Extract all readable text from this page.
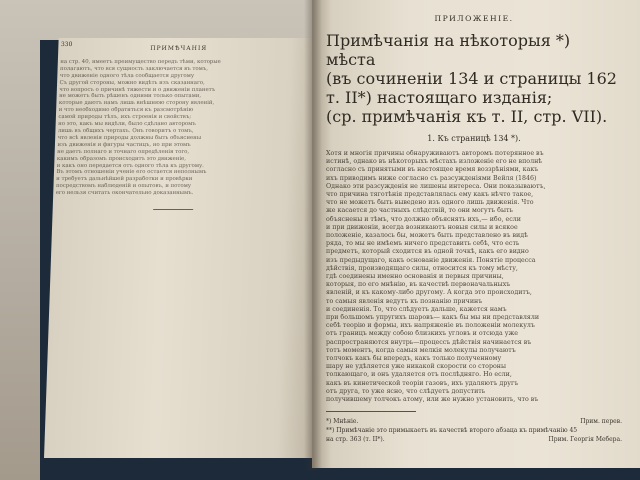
330
ПРИМѢЧАНІЯ
на стр. 40, имеетъ преимущество передъ тѣми, которые
полагаютъ, что вся сущность заключается въ томъ,
что движеніе одного тѣла сообщается другому
Съ другой стороны, можно видѣть изъ сказаннаго,
что вопросъ о причинѣ тяжести и о движеніи планетъ
не можетъ быть рѣшенъ одними только опытами,
которые даютъ намъ лишь внѣшнюю сторону явленій,
и что необходимо обратиться къ разсмотрѣнію
самой природы тѣлъ, ихъ строенія и свойствъ;
но это, какъ мы видѣли, было сдѣлано авторомъ
лишь въ общихъ чертахъ. Онъ говоритъ о томъ,
что всѣ явленія природы должны быть объяснены
изъ движенія и фигуры частицъ, но при этомъ
не даетъ полнаго и точнаго опредѣленія того,
какимъ образомъ происходитъ это движеніе,
и какъ оно передается отъ одного тѣла къ другому.
Въ этомъ отношеніи ученіе его остается неполнымъ
и требуетъ дальнѣйшей разработки и провѣрки
посредствомъ наблюденій и опытовъ, и потому
его нельзя считать окончательно доказаннымъ.
ПРИЛОЖЕНІЕ.
Примѣчанія на нѣкоторыя *) мѣста
(въ сочиненіи 134 и страницы 162 т. II*) настоящаго изданія;
(ср. примѣчанія къ т. II, стр. VII).
1. Къ страницѣ 134 *).
Хотя и многія причины обнаруживаютъ авторомъ потерянное въ
истинѣ, однако въ нѣкоторыхъ мѣстахъ изложеніе его не вполнѣ
согласно съ принятыми въ настоящее время воззрѣніями, какъ
ихъ приводимъ ниже согласно съ разсужденіями Вейля (1846)
Однако эти разсужденія не лишены интереса. Они показываютъ,
что причина тяготѣнія представлялась ему какъ нѣчто такое,
что не можетъ быть выведено изъ одного лишь движенія. Что
же касается до частныхъ слѣдствій, то они могутъ быть
объяснены и тѣмъ, что должно объяснять ихъ,— ибо, если
и при движеніи, всегда возникаютъ новыя силы и всякое
положеніе, казалось бы, можетъ быть представлено въ видѣ
ряда, то мы не имѣемъ ничего представить себѣ, что есть
предметъ, который сходится въ одной точкѣ, какъ его видно
изъ предыдущаго, какъ основаніе движенія. Понятіе процесса
дѣйствія, производящаго силы, относится къ тому мѣсту,
гдѣ соединены именно основанія и первыя причины,
которыя, по его мнѣнію, въ качествѣ первоначальныхъ
явленій, и къ какому-либо другому. А когда это происходитъ,
то самыя явленія ведутъ къ познанію причинъ
и соединенія. То, что слѣдуетъ дальше, кажется намъ
при большомъ упругихъ шаровъ— какъ бы мы ни представляли
себѣ теорію и формы, ихъ напряженіе въ положеніи молекулъ
отъ границъ между собою близкихъ угловъ и отсюда уже
распространяются внутрь—процессъ дѣйствія начинается въ
тотъ моментъ, когда самыя мелкія молекулы получаютъ
толчокъ какъ бы впередъ, какъ только полученному
шару не удѣляется уже никакой скорости со стороны
толкающаго, и онъ удаляется отъ послѣдняго. Но если,
какъ въ кинетической теоріи газовъ, ихъ удаляютъ другъ
отъ друга, то уже ясно, что слѣдуетъ допустить
получившему толчокъ атому, или же нужно установить, что въ
*) Мнѣніе.	Прим. перев.
**) Примѣчаніе это примыкаетъ въ качествѣ второго абзаца къ примѣчанію 45
на стр. 363 (т. II*).	Прим. Георгія Мебера.
